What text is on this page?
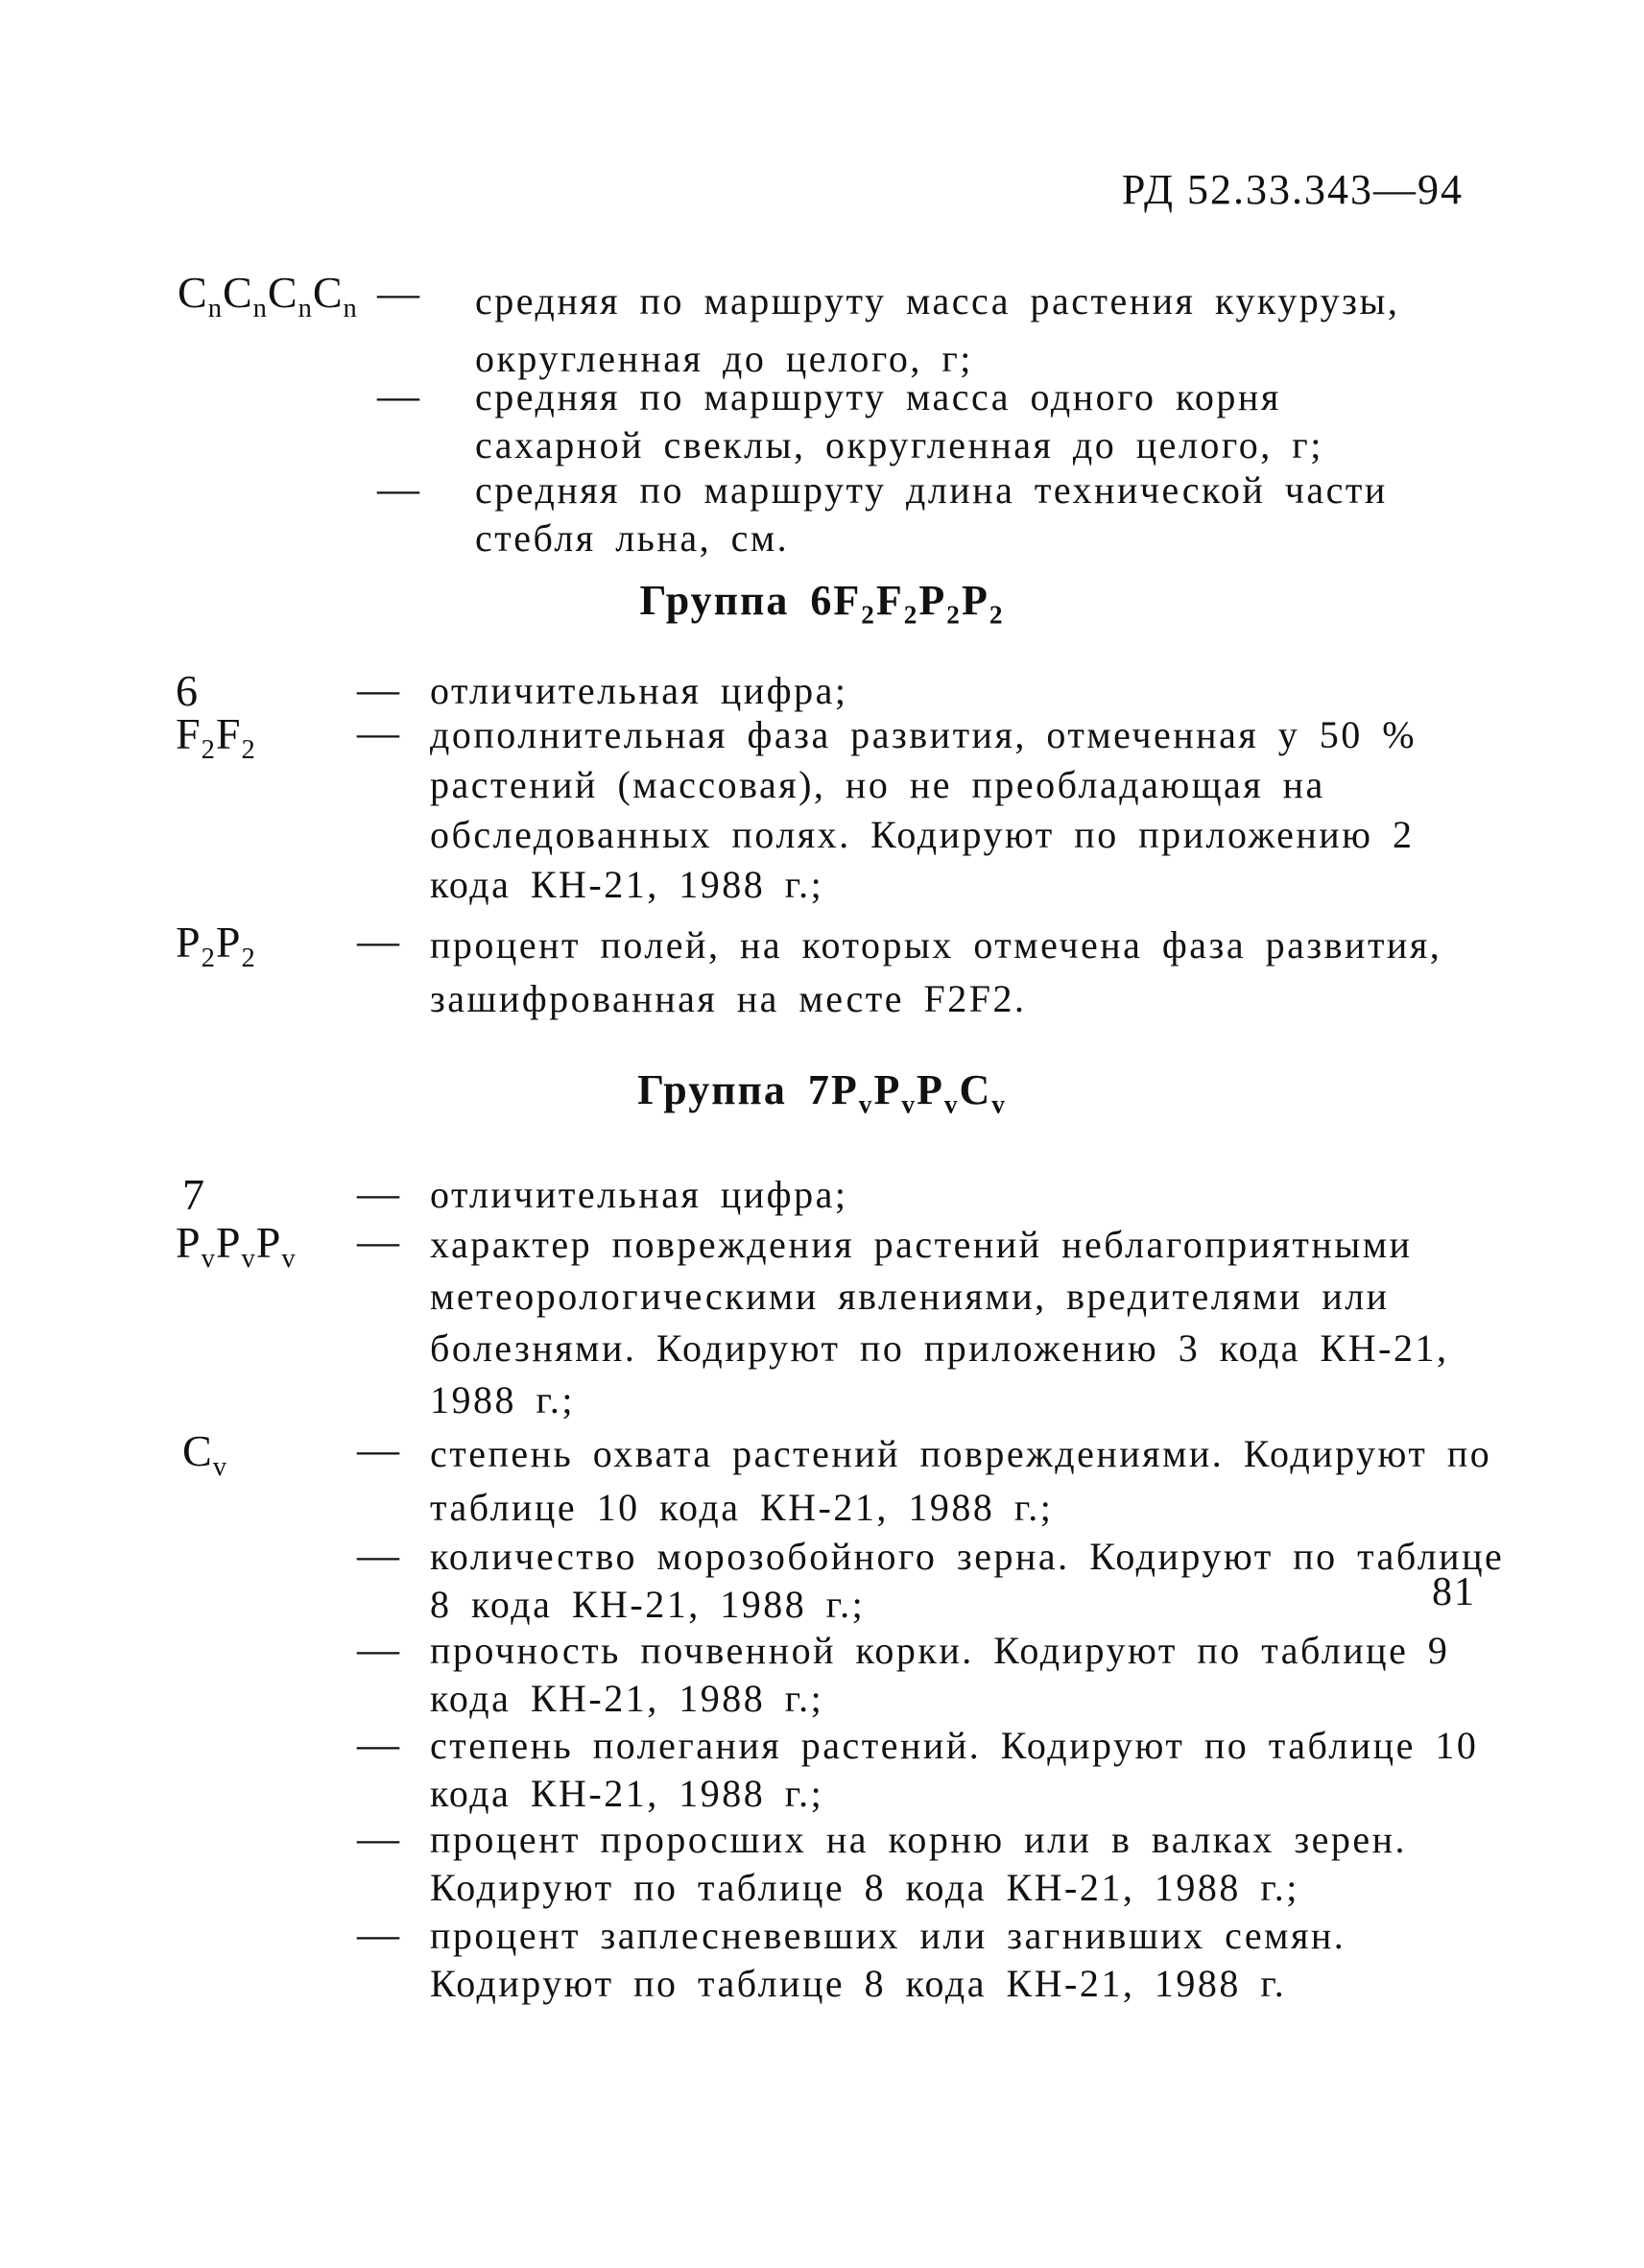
РД 52.33.343—94
$C_nC_nC_nC_n$ — средняя по маршруту масса растения кукурузы, округленная до целого, г;
— средняя по маршруту масса одного корня сахарной свеклы, округленная до целого, г;
— средняя по маршруту длина технической части стебля льна, см.
Группа $6F_2F_2P_2P_2$
6	— отличительная цифра;
$F_2F_2$ — дополнительная фаза развития, отмеченная у 50 % растений (массовая), но не преобладающая на обследованных полях. Кодируют по приложению 2 кода КН-21, 1988 г.;
$P_2P_2$ — процент полей, на которых отмечена фаза развития, зашифрованная на месте F2F2.
Группа $7P_vP_vP_vC_v$
7	— отличительная цифра;
$P_vP_vP_v$ — характер повреждения растений неблагоприятными метеорологическими явлениями, вредителями или болезнями. Кодируют по приложению 3 кода КН-21, 1988 г.;
$C_v$	— степень охвата растений повреждениями. Кодируют по таблице 10 кода КН-21, 1988 г.;
— количество морозобойного зерна. Кодируют по таблице 8 кода КН-21, 1988 г.;
— прочность почвенной корки. Кодируют по таблице 9 кода КН-21, 1988 г.;
— степень полегания растений. Кодируют по таблице 10 кода КН-21, 1988 г.;
— процент проросших на корню или в валках зерен. Кодируют по таблице 8 кода КН-21, 1988 г.;
— процент заплесневевших или загнивших семян. Кодируют по таблице 8 кода КН-21, 1988 г.
81
